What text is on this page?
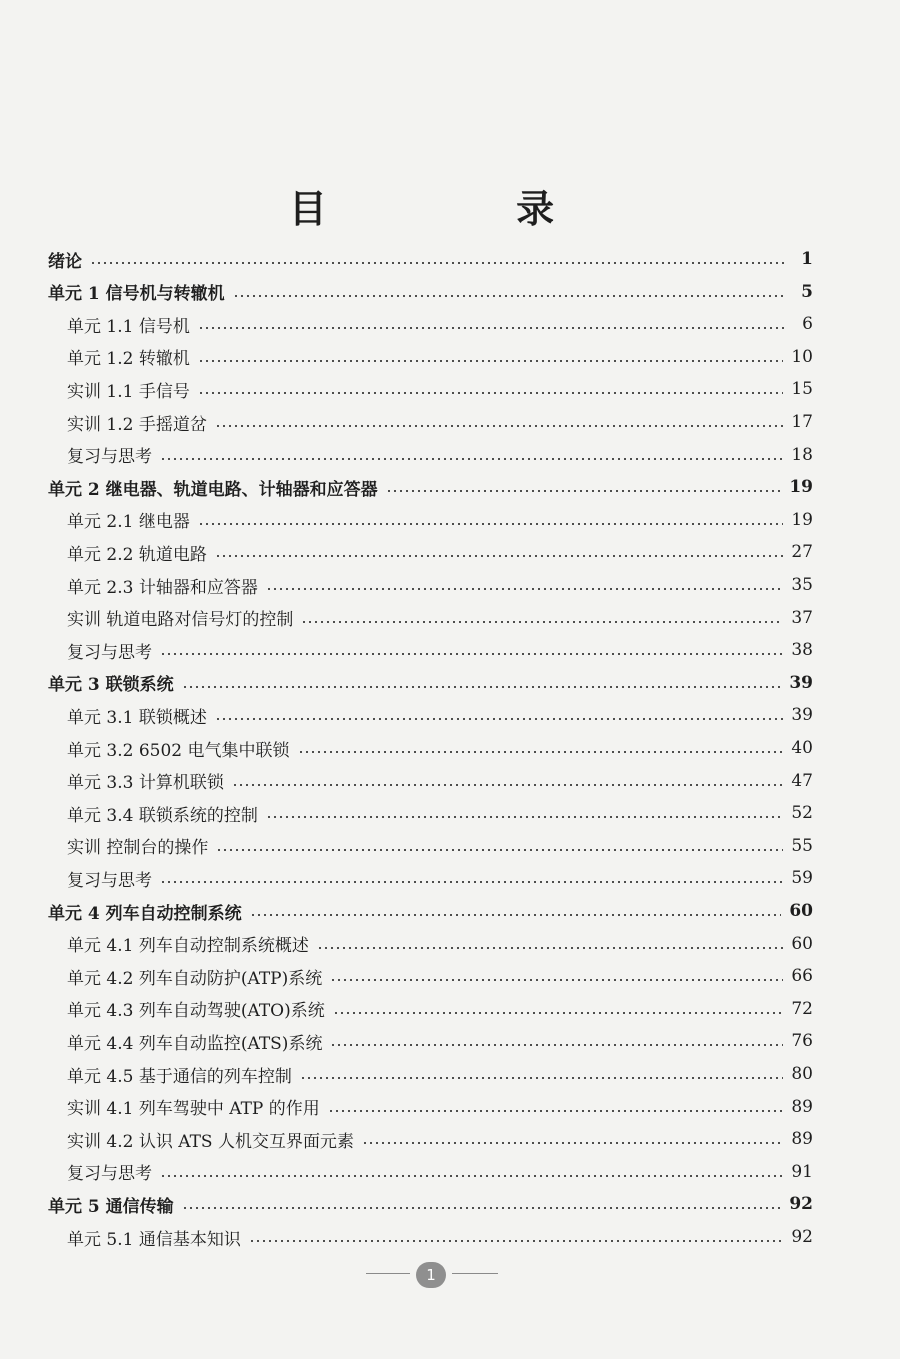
目 录
绪论	1
单元 1 信号机与转辙机	5
单元 1.1 信号机	6
单元 1.2 转辙机	10
实训 1.1 手信号	15
实训 1.2 手摇道岔	17
复习与思考	18
单元 2 继电器、轨道电路、计轴器和应答器	19
单元 2.1 继电器	19
单元 2.2 轨道电路	27
单元 2.3 计轴器和应答器	35
实训 轨道电路对信号灯的控制	37
复习与思考	38
单元 3 联锁系统	39
单元 3.1 联锁概述	39
单元 3.2 6502 电气集中联锁	40
单元 3.3 计算机联锁	47
单元 3.4 联锁系统的控制	52
实训 控制台的操作	55
复习与思考	59
单元 4 列车自动控制系统	60
单元 4.1 列车自动控制系统概述	60
单元 4.2 列车自动防护(ATP)系统	66
单元 4.3 列车自动驾驶(ATO)系统	72
单元 4.4 列车自动监控(ATS)系统	76
单元 4.5 基于通信的列车控制	80
实训 4.1 列车驾驶中 ATP 的作用	89
实训 4.2 认识 ATS 人机交互界面元素	89
复习与思考	91
单元 5 通信传输	92
单元 5.1 通信基本知识	92
1
